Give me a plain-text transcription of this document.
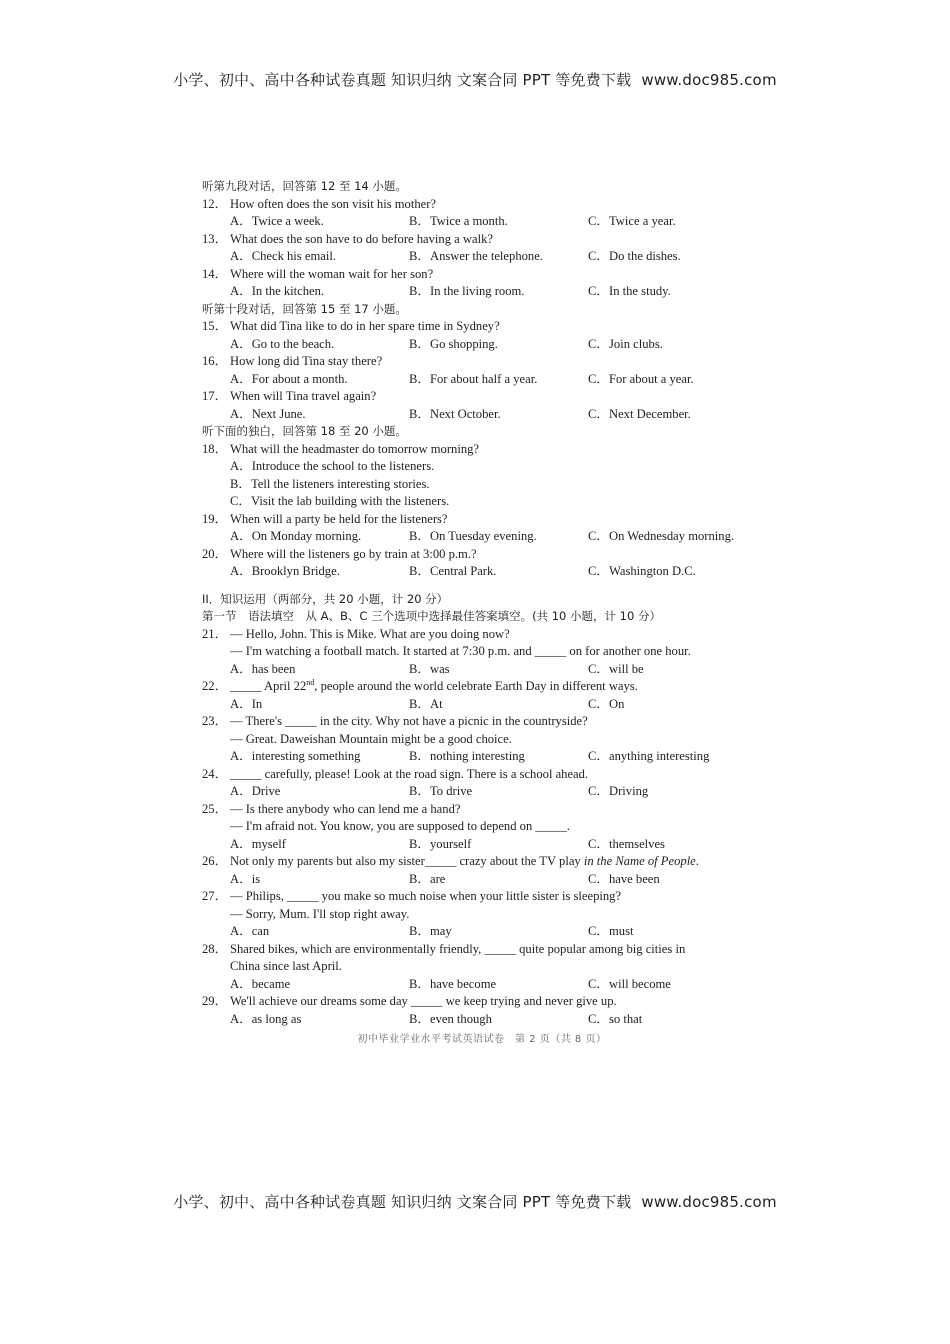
小学、初中、高中各种试卷真题 知识归纳 文案合同 PPT 等免费下载 www.doc985.com
听第九段对话，回答第 12 至 14 小题。
12． How often does the son visit his mother?
A．Twice a week.	B．Twice a month.	C．Twice a year.
13． What does the son have to do before having a walk?
A．Check his email.	B．Answer the telephone.	C．Do the dishes.
14． Where will the woman wait for her son?
A．In the kitchen.	B．In the living room.	C．In the study.
听第十段对话，回答第 15 至 17 小题。
15． What did Tina like to do in her spare time in Sydney?
A．Go to the beach.	B．Go shopping.	C．Join clubs.
16． How long did Tina stay there?
A．For about a month.	B．For about half a year.	C．For about a year.
17． When will Tina travel again?
A．Next June.	B．Next October.	C．Next December.
听下面的独白，回答第 18 至 20 小题。
18． What will the headmaster do tomorrow morning?
A．Introduce the school to the listeners.
B．Tell the listeners interesting stories.
C．Visit the lab building with the listeners.
19． When will a party be held for the listeners?
A．On Monday morning.	B．On Tuesday evening.	C．On Wednesday morning.
20． Where will the listeners go by train at 3:00 p.m.?
A．Brooklyn Bridge.	B．Central Park.	C．Washington D.C.
II．知识运用（两部分，共 20 小题，计 20 分）
第一节　语法填空　从 A、B、C 三个选项中选择最佳答案填空。(共 10 小题，计 10 分）
21． — Hello, John. This is Mike. What are you doing now?
— I'm watching a football match. It started at 7:30 p.m. and _____ on for another one hour.
A．has been	B．was	C．will be
22． _____ April 22nd, people around the world celebrate Earth Day in different ways.
A．In	B．At	C．On
23． — There's _____ in the city. Why not have a picnic in the countryside?
— Great. Daweishan Mountain might be a good choice.
A．interesting something	B．nothing interesting	C．anything interesting
24． _____ carefully, please! Look at the road sign. There is a school ahead.
A．Drive	B．To drive	C．Driving
25． — Is there anybody who can lend me a hand?
— I'm afraid not. You know, you are supposed to depend on _____.
A．myself	B．yourself	C．themselves
26． Not only my parents but also my sister_____ crazy about the TV play in the Name of People.
A．is	B．are	C．have been
27． — Philips, _____ you make so much noise when your little sister is sleeping?
— Sorry, Mum. I'll stop right away.
A．can	B．may	C．must
28． Shared bikes, which are environmentally friendly, _____ quite popular among big cities in
China since last April.
A．became	B．have become	C．will become
29． We'll achieve our dreams some day _____ we keep trying and never give up.
A．as long as	B．even though	C．so that
初中毕业学业水平考试英语试卷　第 2 页（共 8 页）
小学、初中、高中各种试卷真题 知识归纳 文案合同 PPT 等免费下载 www.doc985.com
